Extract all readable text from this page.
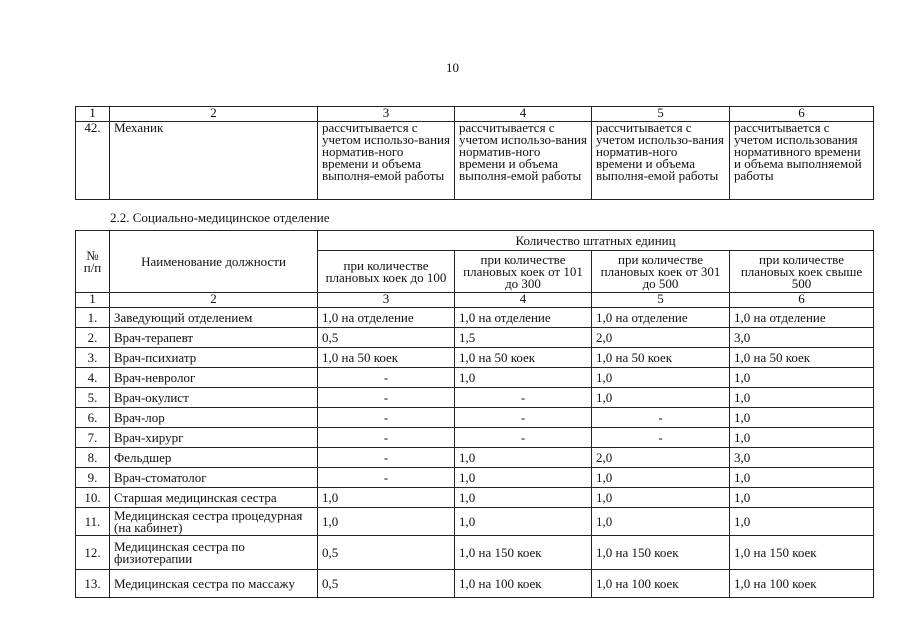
10
1	2	3	4	5	6
42.	Механик	рассчитывается с учетом использо-вания норматив-ного времени и объема выполня-емой работы	рассчитывается с учетом использо-вания норматив-ного времени и объема выполня-емой работы	рассчитывается с учетом использо-вания норматив-ного времени и объема выполня-емой работы	рассчитывается с учетом использования нормативного времени и объема выполняемой работы
2.2. Социально-медицинское отделение
№ п/п	Наименование должности	Количество штатных единиц			
		при количестве плановых коек до 100	при количестве плановых коек от 101 до 300	при количестве плановых коек от 301 до 500	при количестве плановых коек свыше 500
1	2	3	4	5	6
1.	Заведующий отделением	1,0 на отделение	1,0 на отделение	1,0 на отделение	1,0 на отделение
2.	Врач-терапевт	0,5	1,5	2,0	3,0
3.	Врач-психиатр	1,0 на 50 коек	1,0 на 50 коек	1,0 на 50 коек	1,0 на 50 коек
4.	Врач-невролог	-	1,0	1,0	1,0
5.	Врач-окулист	-	-	1,0	1,0
6.	Врач-лор	-	-	-	1,0
7.	Врач-хирург	-	-	-	1,0
8.	Фельдшер	-	1,0	2,0	3,0
9.	Врач-стоматолог	-	1,0	1,0	1,0
10.	Старшая медицинская сестра	1,0	1,0	1,0	1,0
11.	Медицинская сестра процедурная (на кабинет)	1,0	1,0	1,0	1,0
12.	Медицинская сестра по физиотерапии	0,5	1,0 на 150 коек	1,0 на 150 коек	1,0 на 150 коек
13.	Медицинская сестра по массажу	0,5	1,0 на 100 коек	1,0 на 100 коек	1,0 на 100 коек
